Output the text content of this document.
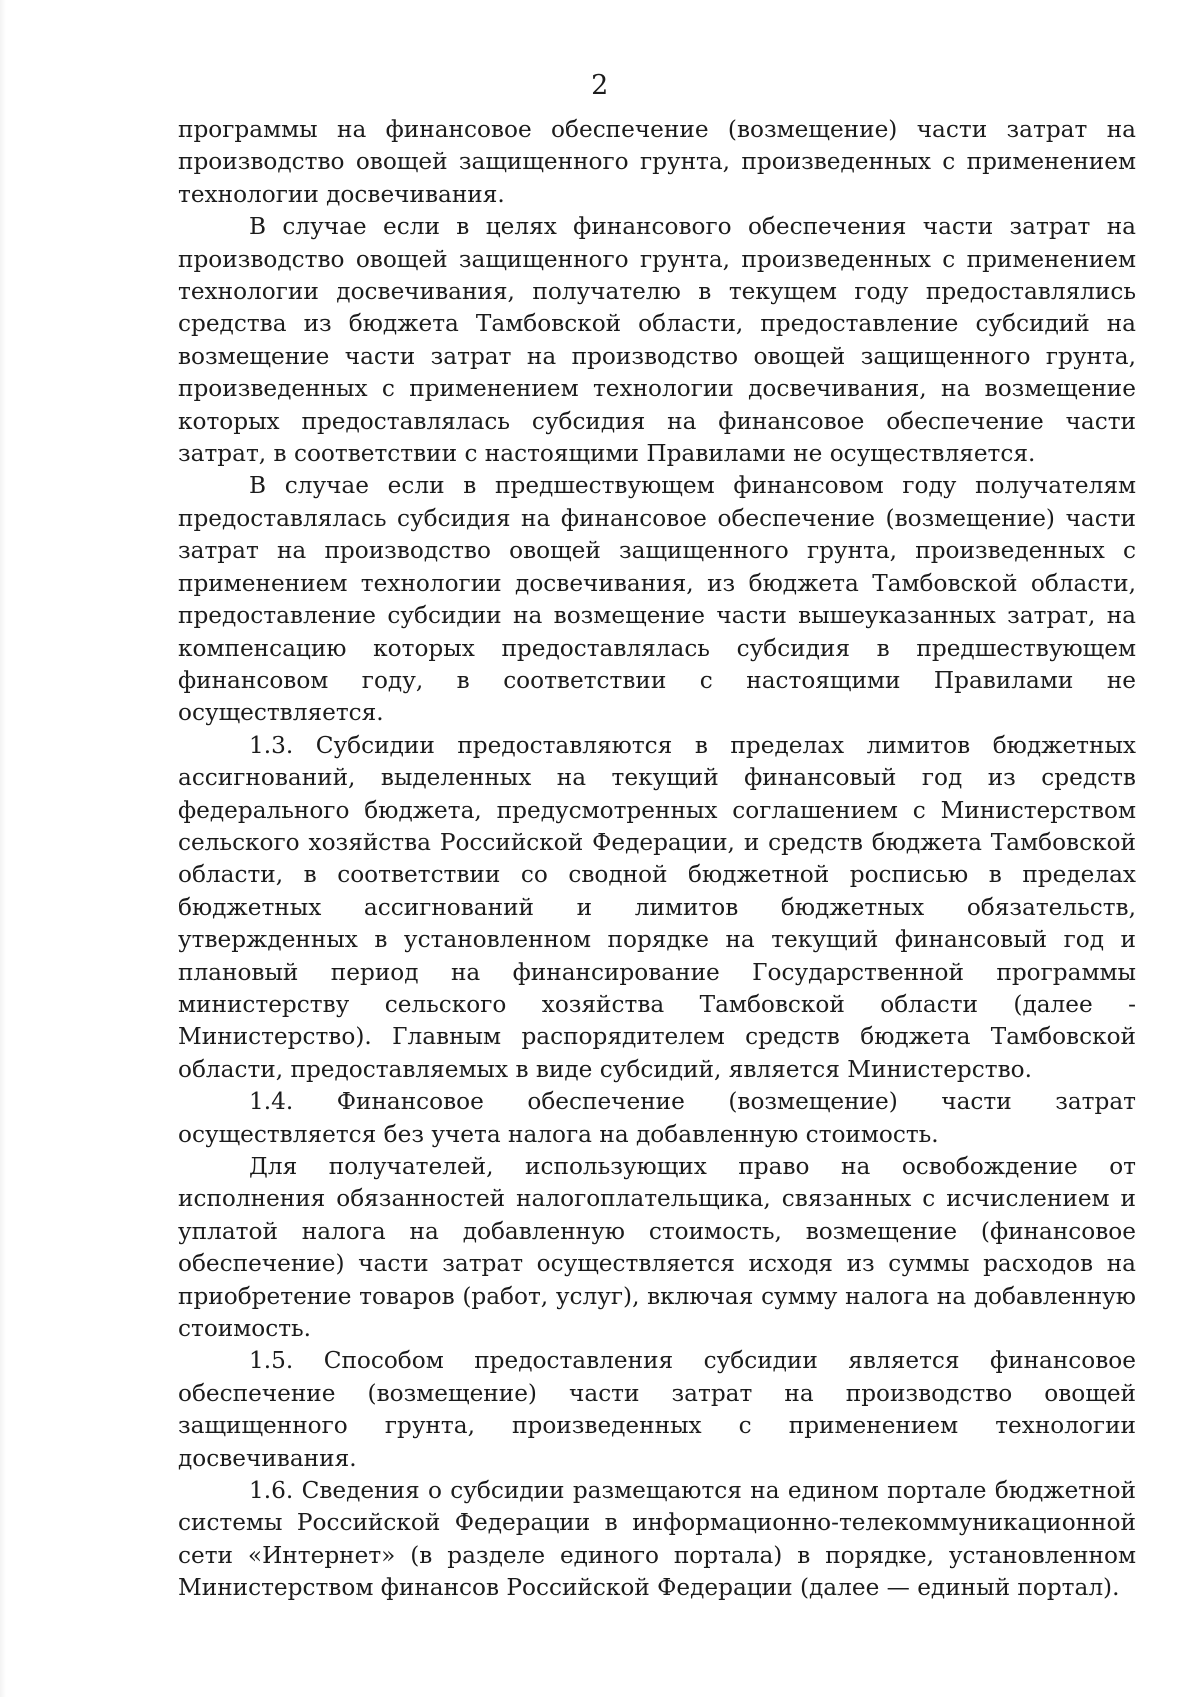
2

программы на финансовое обеспечение (возмещение) части затрат на производство овощей защищенного грунта, произведенных с применением технологии досвечивания.

В случае если в целях финансового обеспечения части затрат на производство овощей защищенного грунта, произведенных с применением технологии досвечивания, получателю в текущем году предоставлялись средства из бюджета Тамбовской области, предоставление субсидий на возмещение части затрат на производство овощей защищенного грунта, произведенных с применением технологии досвечивания, на возмещение которых предоставлялась субсидия на финансовое обеспечение части затрат, в соответствии с настоящими Правилами не осуществляется.

В случае если в предшествующем финансовом году получателям предоставлялась субсидия на финансовое обеспечение (возмещение) части затрат на производство овощей защищенного грунта, произведенных с применением технологии досвечивания, из бюджета Тамбовской области, предоставление субсидии на возмещение части вышеуказанных затрат, на компенсацию которых предоставлялась субсидия в предшествующем финансовом году, в соответствии с настоящими Правилами не осуществляется.

1.3. Субсидии предоставляются в пределах лимитов бюджетных ассигнований, выделенных на текущий финансовый год из средств федерального бюджета, предусмотренных соглашением с Министерством сельского хозяйства Российской Федерации, и средств бюджета Тамбовской области, в соответствии со сводной бюджетной росписью в пределах бюджетных ассигнований и лимитов бюджетных обязательств, утвержденных в установленном порядке на текущий финансовый год и плановый период на финансирование Государственной программы министерству сельского хозяйства Тамбовской области (далее - Министерство). Главным распорядителем средств бюджета Тамбовской области, предоставляемых в виде субсидий, является Министерство.

1.4. Финансовое обеспечение (возмещение) части затрат осуществляется без учета налога на добавленную стоимость.

Для получателей, использующих право на освобождение от исполнения обязанностей налогоплательщика, связанных с исчислением и уплатой налога на добавленную стоимость, возмещение (финансовое обеспечение) части затрат осуществляется исходя из суммы расходов на приобретение товаров (работ, услуг), включая сумму налога на добавленную стоимость.

1.5. Способом предоставления субсидии является финансовое обеспечение (возмещение) части затрат на производство овощей защищенного грунта, произведенных с применением технологии досвечивания.

1.6. Сведения о субсидии размещаются на едином портале бюджетной системы Российской Федерации в информационно-телекоммуникационной сети «Интернет» (в разделе единого портала) в порядке, установленном Министерством финансов Российской Федерации (далее — единый портал).
